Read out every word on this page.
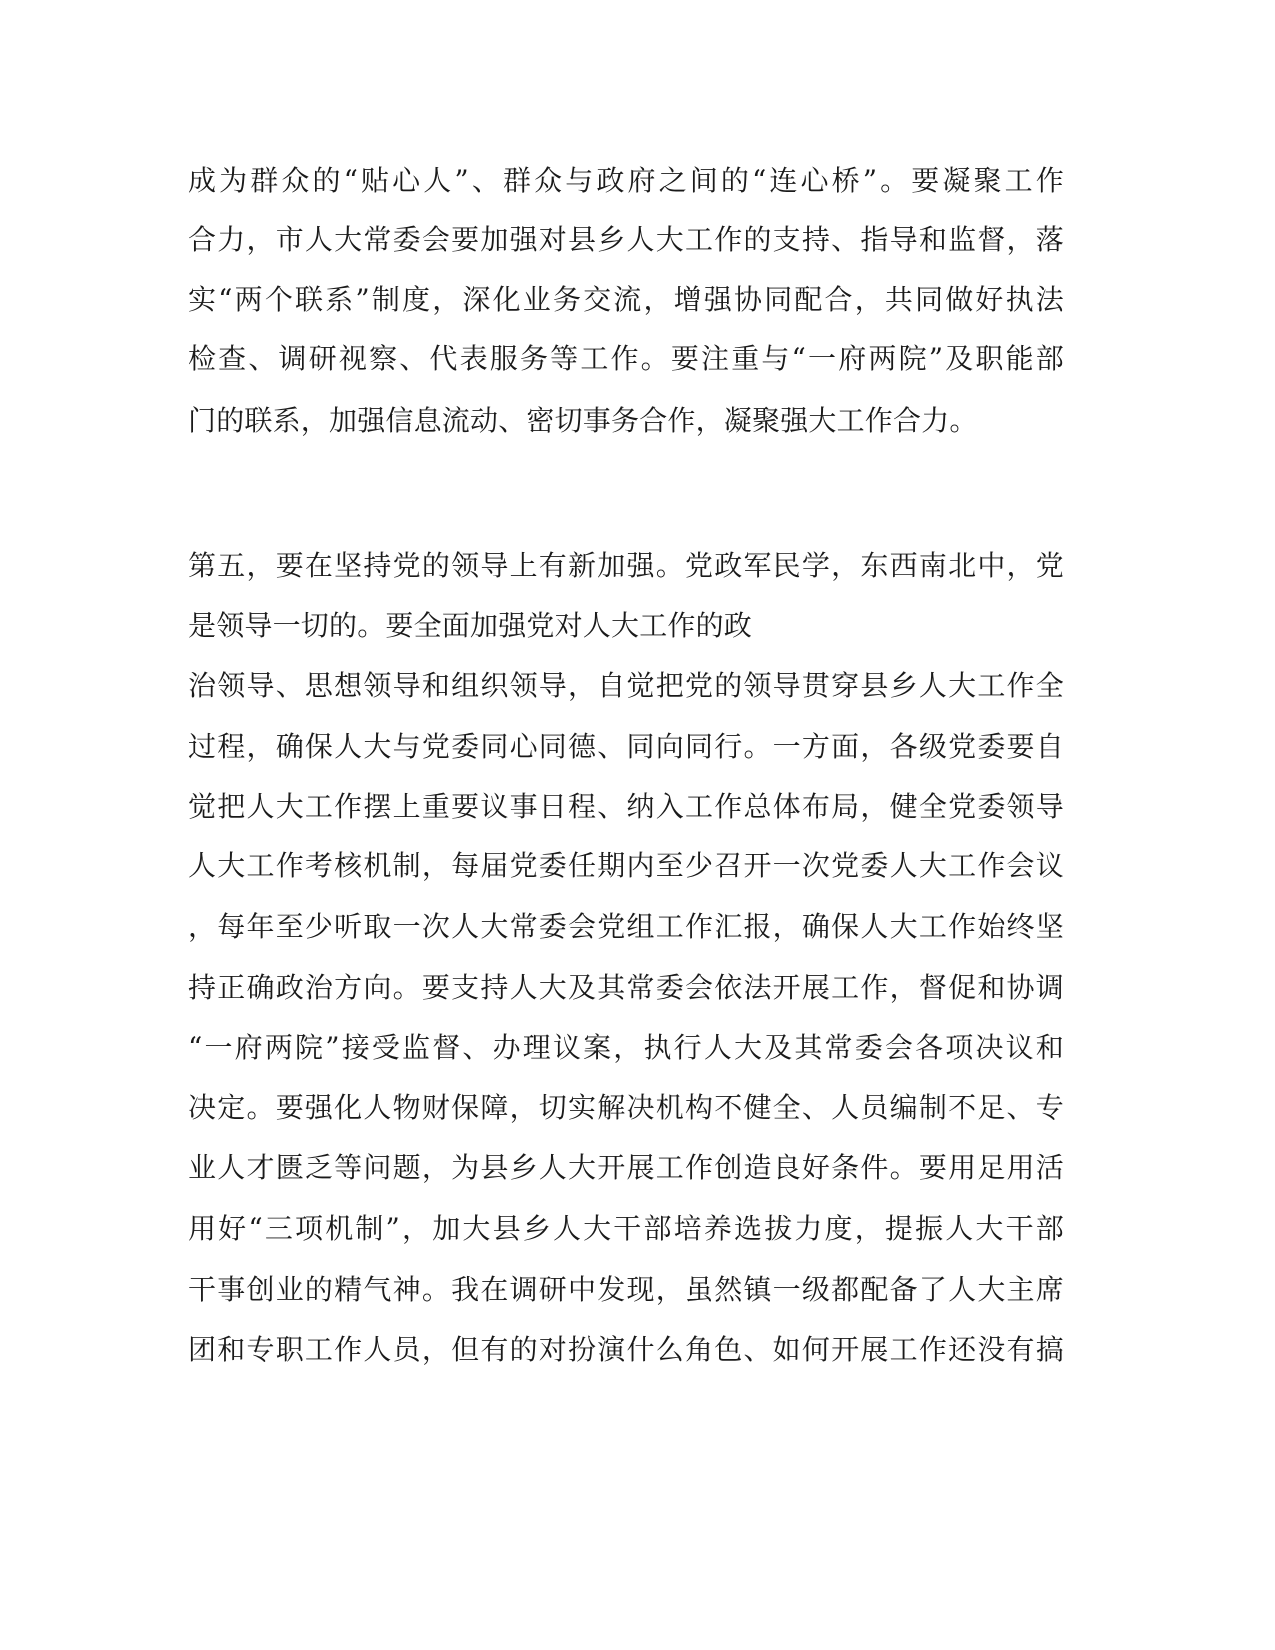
成为群众的“贴心人”、群众与政府之间的“连心桥”。要凝聚工作
合力，市人大常委会要加强对县乡人大工作的支持、指导和监督，落
实“两个联系”制度，深化业务交流，增强协同配合，共同做好执法
检查、调研视察、代表服务等工作。要注重与“一府两院”及职能部
门的联系，加强信息流动、密切事务合作，凝聚强大工作合力。
第五，要在坚持党的领导上有新加强。党政军民学，东西南北中，党
是领导一切的。要全面加强党对人大工作的政
治领导、思想领导和组织领导，自觉把党的领导贯穿县乡人大工作全
过程，确保人大与党委同心同德、同向同行。一方面，各级党委要自
觉把人大工作摆上重要议事日程、纳入工作总体布局，健全党委领导
人大工作考核机制，每届党委任期内至少召开一次党委人大工作会议
，每年至少听取一次人大常委会党组工作汇报，确保人大工作始终坚
持正确政治方向。要支持人大及其常委会依法开展工作，督促和协调
“一府两院”接受监督、办理议案，执行人大及其常委会各项决议和
决定。要强化人物财保障，切实解决机构不健全、人员编制不足、专
业人才匮乏等问题，为县乡人大开展工作创造良好条件。要用足用活
用好“三项机制”，加大县乡人大干部培养选拔力度，提振人大干部
干事创业的精气神。我在调研中发现，虽然镇一级都配备了人大主席
团和专职工作人员，但有的对扮演什么角色、如何开展工作还没有搞
